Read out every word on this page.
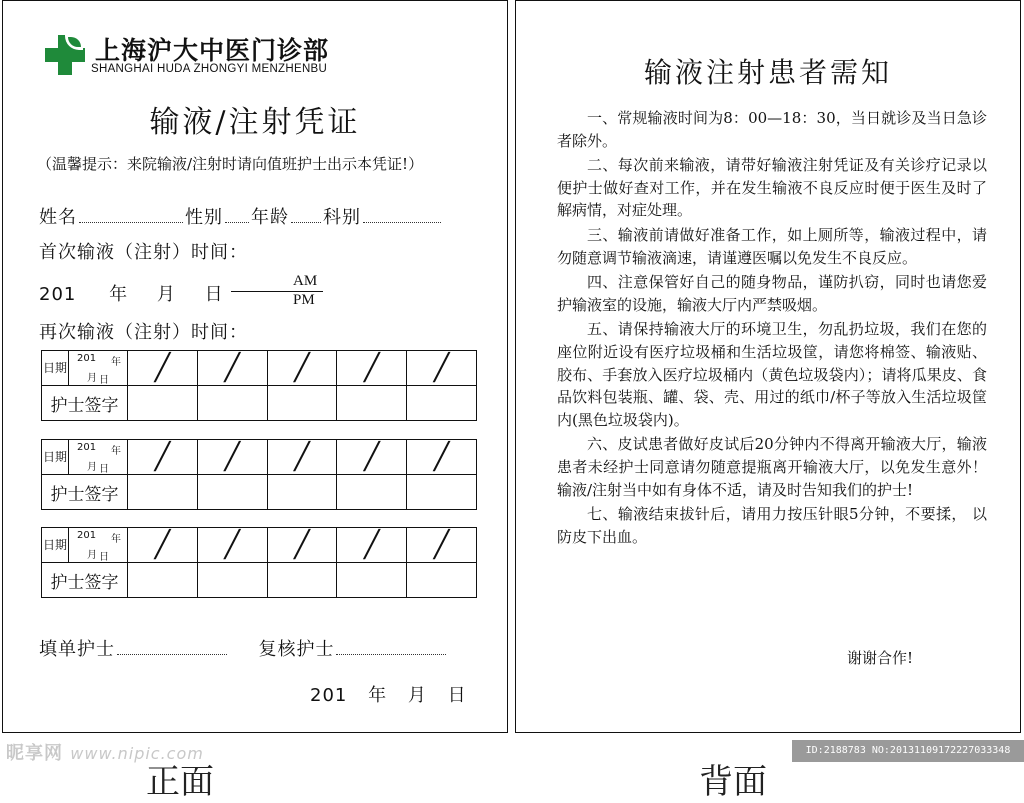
上海沪大中医门诊部
SHANGHAI HUDA ZHONGYI MENZHENBU
输液/注射凭证
（温馨提示：来院输液/注射时请向值班护士出示本凭证!）
姓名	性别 年龄 科别
首次输液（注射）时间：
201 年 月 日
AM
PM
再次输液（注射）时间：
日期	201 年
月 日	╱	╱	╱	╱	╱
护士签字						
日期	201 年
月 日	╱	╱	╱	╱	╱
护士签字						
日期	201 年
月 日	╱	╱	╱	╱	╱
护士签字						
填单护士	复核护士
201 年 月 日
输液注射患者需知

一、常规输液时间为8：00—18：30，当日就诊及当日急诊者除外。

二、每次前来输液，请带好输液注射凭证及有关诊疗记录以便护士做好查对工作，并在发生输液不良反应时便于医生及时了解病情，对症处理。

三、输液前请做好准备工作，如上厕所等，输液过程中，请勿随意调节输液滴速，请谨遵医嘱以免发生不良反应。

四、注意保管好自己的随身物品，谨防扒窃，同时也请您爱护输液室的设施，输液大厅内严禁吸烟。

五、请保持输液大厅的环境卫生，勿乱扔垃圾，我们在您的座位附近设有医疗垃圾桶和生活垃圾筐，请您将棉签、输液贴、胶布、手套放入医疗垃圾桶内（黄色垃圾袋内）；请将瓜果皮、食品饮料包装瓶、罐、袋、壳、用过的纸巾/杯子等放入生活垃圾筐内(黑色垃圾袋内)。

六、皮试患者做好皮试后20分钟内不得离开输液大厅，输液患者未经护士同意请勿随意提瓶离开输液大厅，以免发生意外！输液/注射当中如有身体不适，请及时告知我们的护士!

七、输液结束拔针后，请用力按压针眼5分钟，不要揉， 以防皮下出血。

谢谢合作!
昵享网 www.nipic.com	ID:2188783 NO:20131109172227033348
正面	背面
